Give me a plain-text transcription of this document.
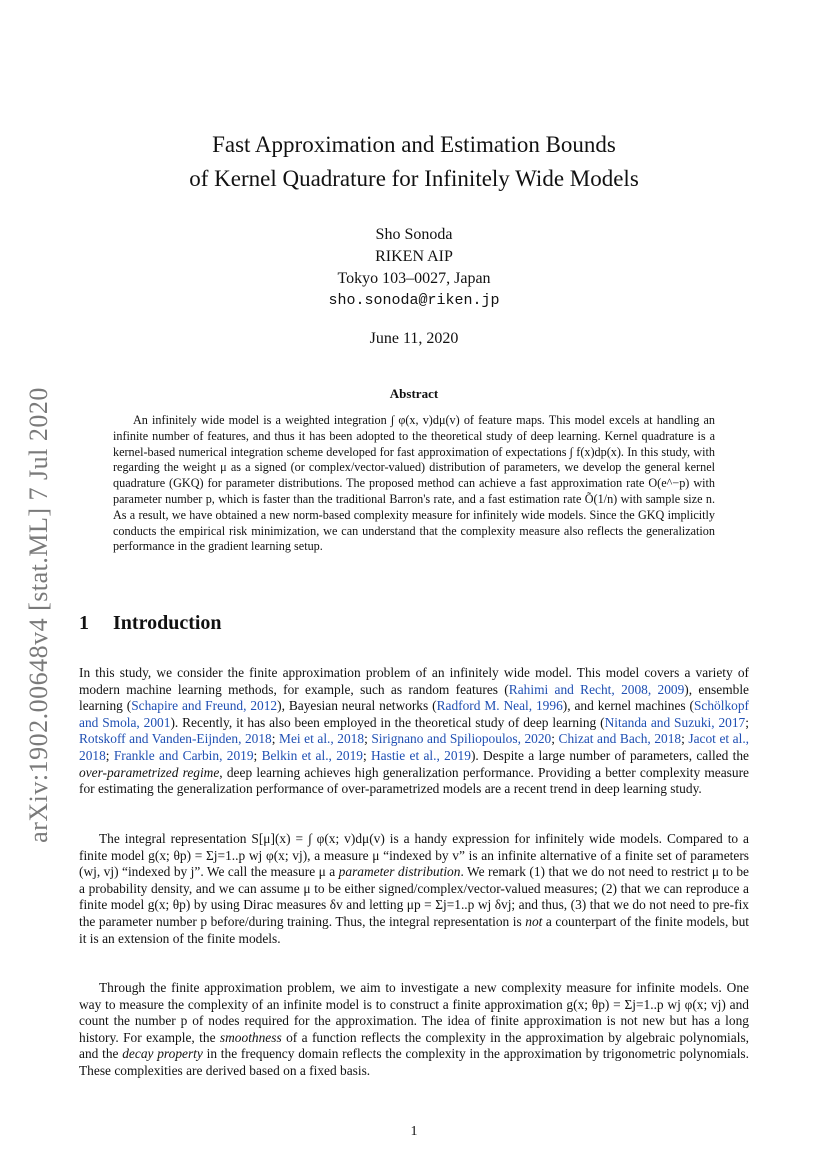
arXiv:1902.00648v4 [stat.ML] 7 Jul 2020
Fast Approximation and Estimation Bounds
of Kernel Quadrature for Infinitely Wide Models
Sho Sonoda
RIKEN AIP
Tokyo 103–0027, Japan
sho.sonoda@riken.jp
June 11, 2020
Abstract

An infinitely wide model is a weighted integration ∫ φ(x, v)dμ(v) of feature maps. This model excels at handling an infinite number of features, and thus it has been adopted to the theoretical study of deep learning. Kernel quadrature is a kernel-based numerical integration scheme developed for fast approximation of expectations ∫ f(x)dp(x). In this study, with regarding the weight μ as a signed (or complex/vector-valued) distribution of parameters, we develop the general kernel quadrature (GKQ) for parameter distributions. The proposed method can achieve a fast approximation rate O(e^−p) with parameter number p, which is faster than the traditional Barron's rate, and a fast estimation rate Õ(1/n) with sample size n. As a result, we have obtained a new norm-based complexity measure for infinitely wide models. Since the GKQ implicitly conducts the empirical risk minimization, we can understand that the complexity measure also reflects the generalization performance in the gradient learning setup.

1 Introduction

In this study, we consider the finite approximation problem of an infinitely wide model. This model covers a variety of modern machine learning methods, for example, such as random features (Rahimi and Recht, 2008, 2009), ensemble learning (Schapire and Freund, 2012), Bayesian neural networks (Radford M. Neal, 1996), and kernel machines (Schölkopf and Smola, 2001). Recently, it has also been employed in the theoretical study of deep learning (Nitanda and Suzuki, 2017; Rotskoff and Vanden-Eijnden, 2018; Mei et al., 2018; Sirignano and Spiliopoulos, 2020; Chizat and Bach, 2018; Jacot et al., 2018; Frankle and Carbin, 2019; Belkin et al., 2019; Hastie et al., 2019). Despite a large number of parameters, called the over-parametrized regime, deep learning achieves high generalization performance. Providing a better complexity measure for estimating the generalization performance of over-parametrized models are a recent trend in deep learning study.

The integral representation S[μ](x) = ∫ φ(x; v)dμ(v) is a handy expression for infinitely wide models. Compared to a finite model g(x; θp) = Σj=1..p wj φ(x; vj), a measure μ “indexed by v” is an infinite alternative of a finite set of parameters (wj, vj) “indexed by j”. We call the measure μ a parameter distribution. We remark (1) that we do not need to restrict μ to be a probability density, and we can assume μ to be either signed/complex/vector-valued measures; (2) that we can reproduce a finite model g(x; θp) by using Dirac measures δv and letting μp = Σj=1..p wj δvj; and thus, (3) that we do not need to pre-fix the parameter number p before/during training. Thus, the integral representation is not a counterpart of the finite models, but it is an extension of the finite models.

Through the finite approximation problem, we aim to investigate a new complexity measure for infinite models. One way to measure the complexity of an infinite model is to construct a finite approximation g(x; θp) = Σj=1..p wj φ(x; vj) and count the number p of nodes required for the approximation. The idea of finite approximation is not new but has a long history. For example, the smoothness of a function reflects the complexity in the approximation by algebraic polynomials, and the decay property in the frequency domain reflects the complexity in the approximation by trigonometric polynomials. These complexities are derived based on a fixed basis.

1
